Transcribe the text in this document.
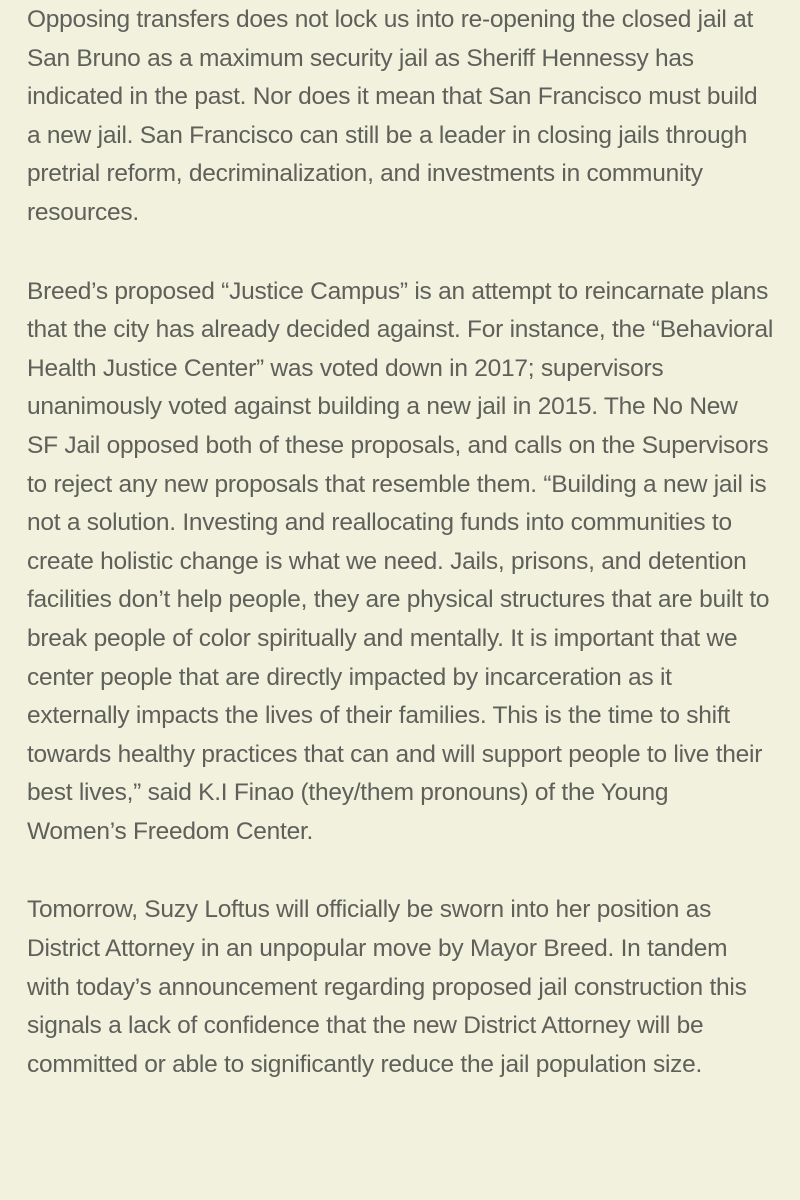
Opposing transfers does not lock us into re-opening the closed jail at San Bruno as a maximum security jail as Sheriff Hennessy has indicated in the past. Nor does it mean that San Francisco must build a new jail. San Francisco can still be a leader in closing jails through pretrial reform, decriminalization, and investments in community resources.

Breed’s proposed “Justice Campus” is an attempt to reincarnate plans that the city has already decided against. For instance, the “Behavioral Health Justice Center” was voted down in 2017; supervisors unanimously voted against building a new jail in 2015. The No New SF Jail opposed both of these proposals, and calls on the Supervisors to reject any new proposals that resemble them. “Building a new jail is not a solution. Investing and reallocating funds into communities to create holistic change is what we need. Jails, prisons, and detention facilities don’t help people, they are physical structures that are built to break people of color spiritually and mentally. It is important that we center people that are directly impacted by incarceration as it externally impacts the lives of their families. This is the time to shift towards healthy practices that can and will support people to live their best lives,” said K.I Finao (they/them pronouns) of the Young Women’s Freedom Center.

Tomorrow, Suzy Loftus will officially be sworn into her position as District Attorney in an unpopular move by Mayor Breed. In tandem with today’s announcement regarding proposed jail construction this signals a lack of confidence that the new District Attorney will be committed or able to significantly reduce the jail population size.
